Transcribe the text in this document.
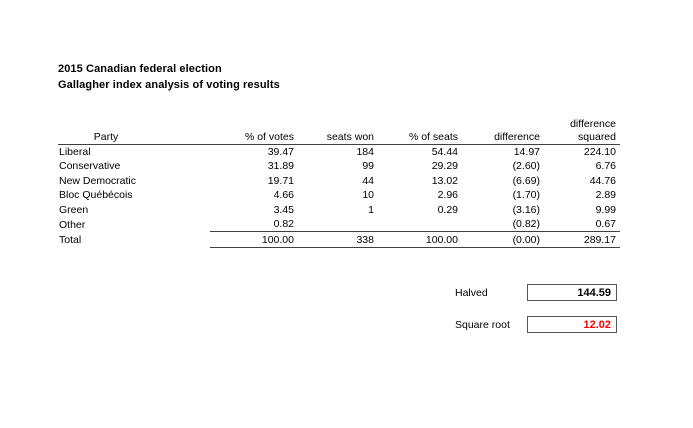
2015 Canadian federal election
Gallagher index analysis of voting results

Party	% of votes	seats won	% of seats	difference	difference
squared

Liberal	39.47	184	54.44	14.97	224.10
Conservative	31.89	99	29.29	(2.60)	6.76
New Democratic	19.71	44	13.02	(6.69)	44.76
Bloc Québécois	4.66	10	2.96	(1.70)	2.89
Green	3.45	1	0.29	(3.16)	9.99
Other	0.82			(0.82)	0.67
Total	100.00	338	100.00	(0.00)	289.17
Halved	144.59
Square root	12.02
